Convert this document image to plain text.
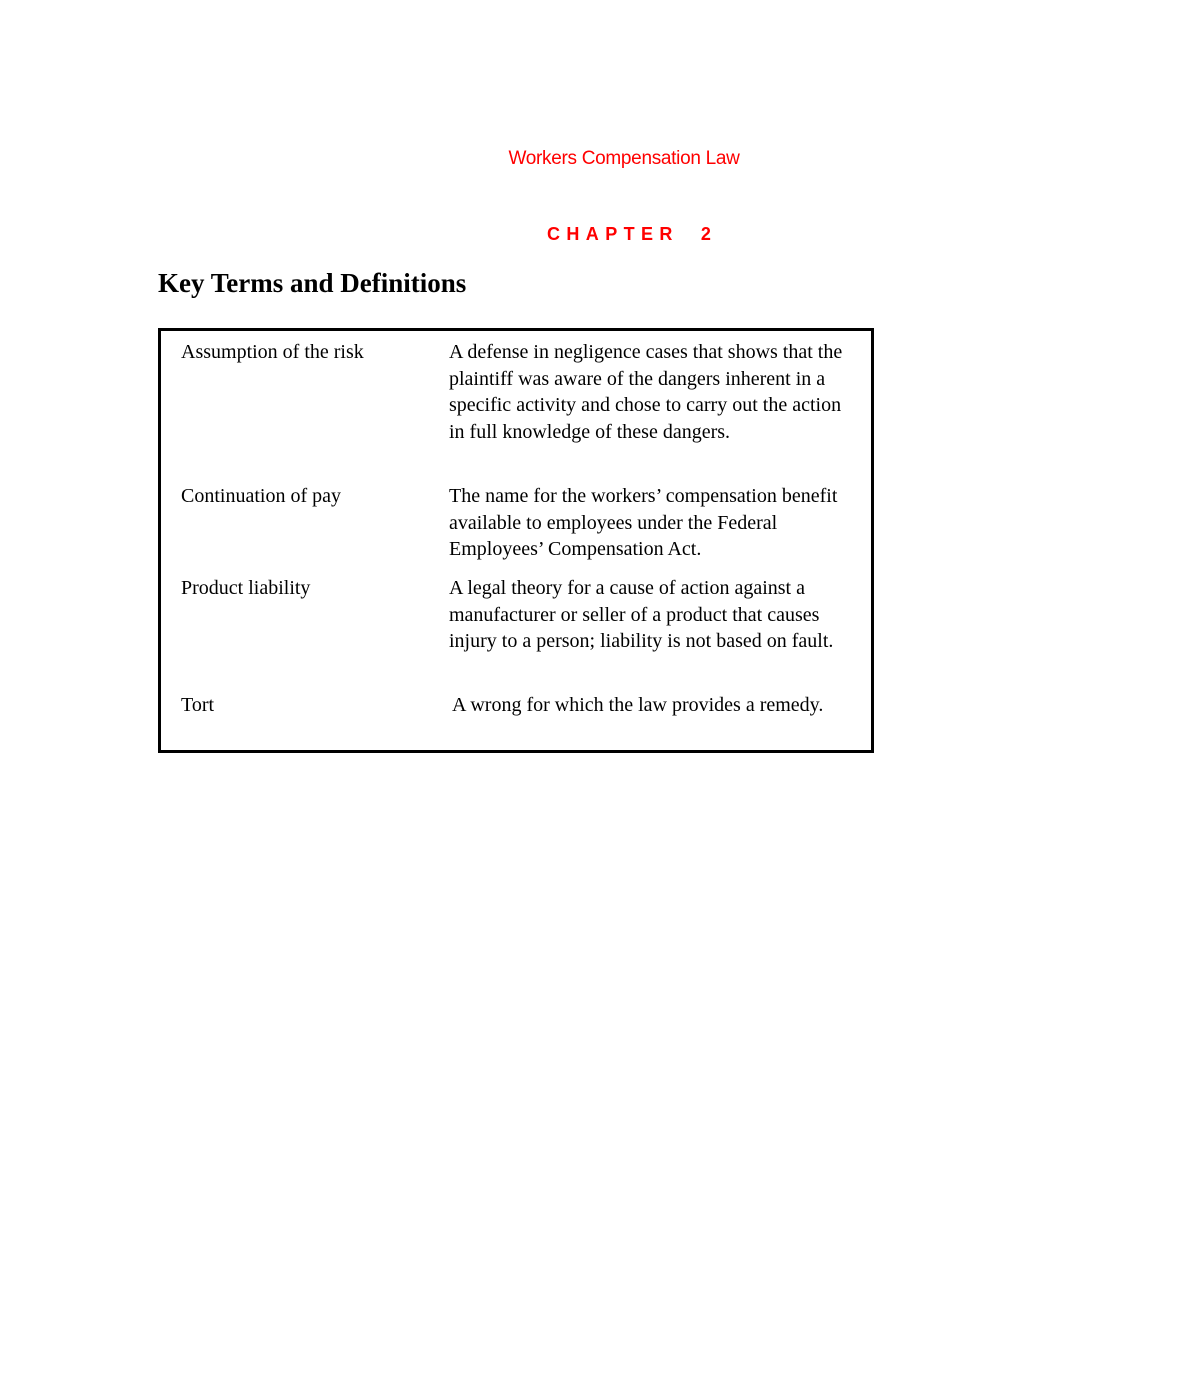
Workers Compensation Law
CHAPTER 2
Key Terms and Definitions
Assumption of the risk	A defense in negligence cases that shows that the plaintiff was aware of the dangers inherent in a specific activity and chose to carry out the action in full knowledge of these dangers.
Continuation of pay	The name for the workers’ compensation benefit available to employees under the Federal Employees’ Compensation Act.
Product liability	A legal theory for a cause of action against a manufacturer or seller of a product that causes injury to a person; liability is not based on fault.
Tort	A wrong for which the law provides a remedy.
